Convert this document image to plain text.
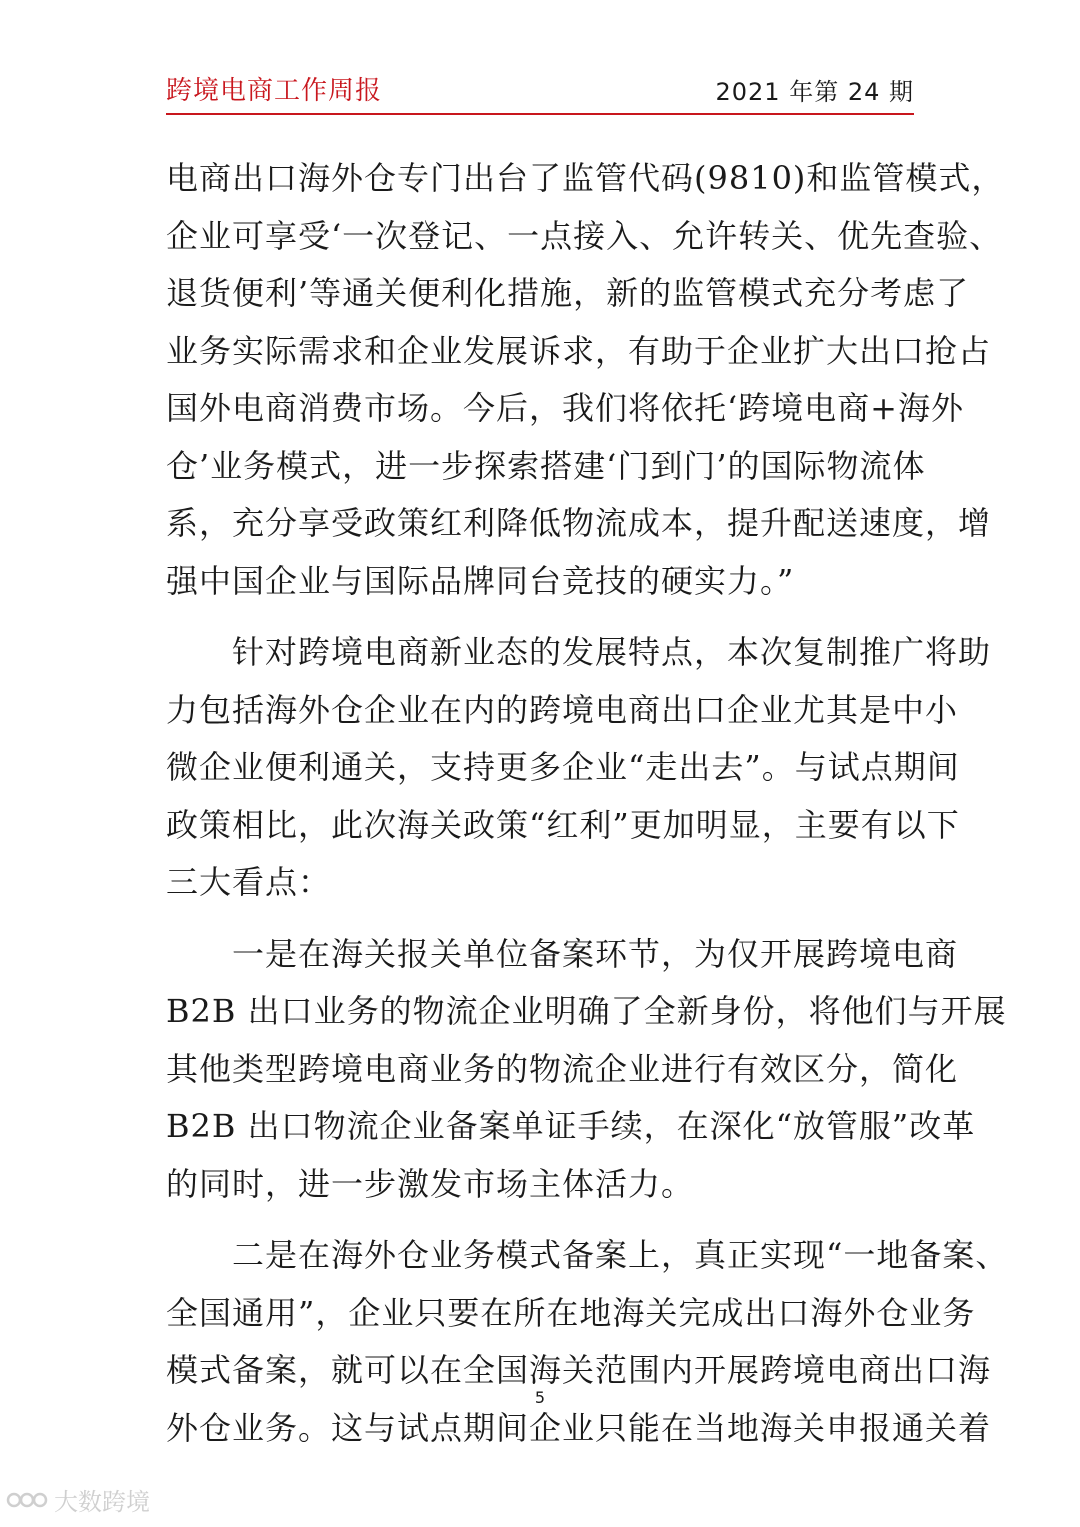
跨境电商工作周报	2021 年第 24 期

电商出口海外仓专门出台了监管代码(9810)和监管模式，
企业可享受‘一次登记、一点接入、允许转关、优先查验、
退货便利’等通关便利化措施，新的监管模式充分考虑了
业务实际需求和企业发展诉求，有助于企业扩大出口抢占
国外电商消费市场。今后，我们将依托‘跨境电商+海外
仓’业务模式，进一步探索搭建‘门到门’的国际物流体
系，充分享受政策红利降低物流成本，提升配送速度，增
强中国企业与国际品牌同台竞技的硬实力。”

针对跨境电商新业态的发展特点，本次复制推广将助
力包括海外仓企业在内的跨境电商出口企业尤其是中小
微企业便利通关，支持更多企业“走出去”。与试点期间
政策相比，此次海关政策“红利”更加明显，主要有以下
三大看点：

一是在海关报关单位备案环节，为仅开展跨境电商
B2B 出口业务的物流企业明确了全新身份，将他们与开展
其他类型跨境电商业务的物流企业进行有效区分，简化
B2B 出口物流企业备案单证手续，在深化“放管服”改革
的同时，进一步激发市场主体活力。

二是在海外仓业务模式备案上，真正实现“一地备案、
全国通用”，企业只要在所在地海关完成出口海外仓业务
模式备案，就可以在全国海关范围内开展跨境电商出口海
外仓业务。这与试点期间企业只能在当地海关申报通关着

5
大数跨境
